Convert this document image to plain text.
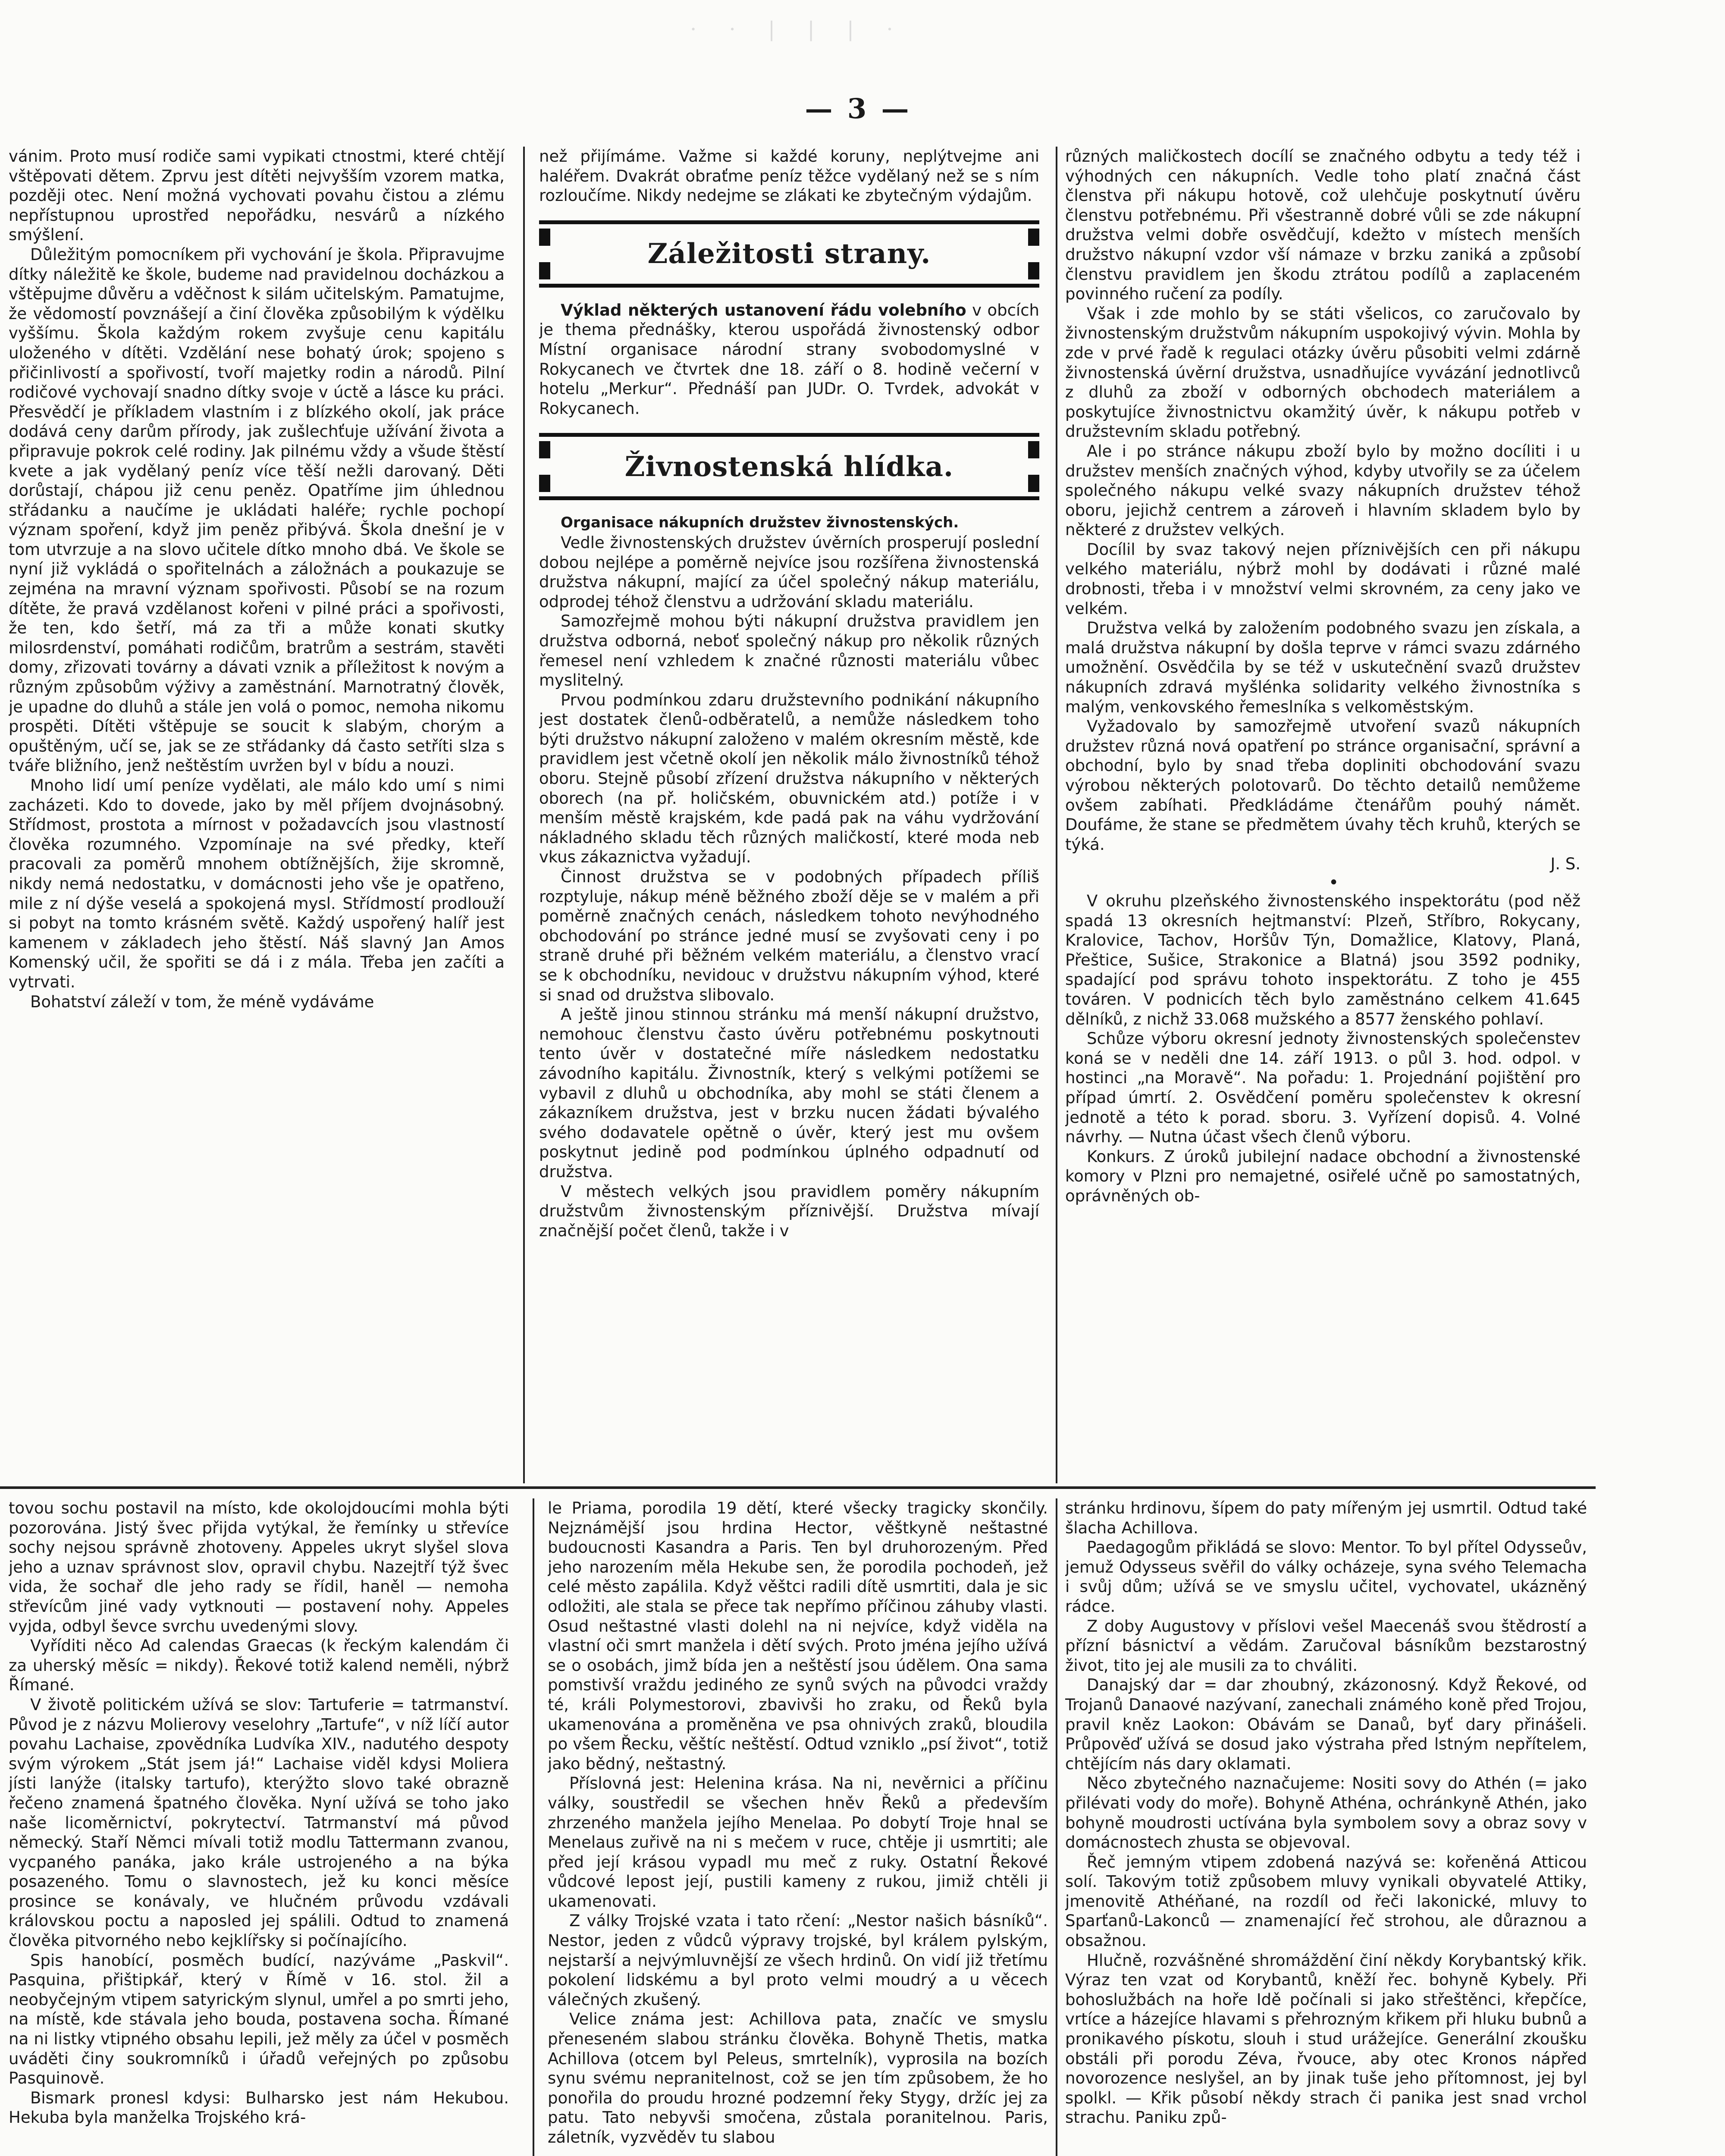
· · | | | ·
— 3 —

vánim. Proto musí rodiče sami vypikati ctnostmi, které chtějí vštěpovati dětem. Zprvu jest dítěti nejvyšším vzorem matka, později otec. Není možná vychovati povahu čistou a zlému nepřístupnou uprostřed nepořádku, nesvárů a nízkého smýšlení.

Důležitým pomocníkem při vychování je škola. Připravujme dítky náležitě ke škole, budeme nad pravidelnou docházkou a vštěpujme důvěru a vděčnost k silám učitelským. Pamatujme, že vědomostí povznášejí a činí člověka způsobilým k výdělku vyššímu. Škola každým rokem zvyšuje cenu kapitálu uloženého v dítěti. Vzdělání nese bohatý úrok; spojeno s přičinlivostí a spořivostí, tvoří majetky rodin a národů. Pilní rodičové vychovají snadno dítky svoje v úctě a lásce ku práci. Přesvědčí je příkladem vlastním i z blízkého okolí, jak práce dodává ceny darům přírody, jak zušlechťuje užívání života a připravuje pokrok celé rodiny. Jak pilnému vždy a všude štěstí kvete a jak vydělaný peníz více těší nežli darovaný. Děti dorůstají, chápou již cenu peněz. Opatříme jim úhlednou střádanku a naučíme je ukládati haléře; rychle pochopí význam spoření, když jim peněz přibývá. Škola dnešní je v tom utvrzuje a na slovo učitele dítko mnoho dbá. Ve škole se nyní již vykládá o spořitelnách a záložnách a poukazuje se zejména na mravní význam spořivosti. Působí se na rozum dítěte, že pravá vzdělanost kořeni v pilné práci a spořivosti, že ten, kdo šetří, má za tři a může konati skutky milosrdenství, pomáhati rodičům, bratrům a sestrám, stavěti domy, zřizovati továrny a dávati vznik a příležitost k novým a různým způsobům výživy a zaměstnání. Marnotratný člověk, je upadne do dluhů a stále jen volá o pomoc, nemoha nikomu prospěti. Dítěti vštěpuje se soucit k slabým, chorým a opuštěným, učí se, jak se ze střádanky dá často setříti slza s tváře bližního, jenž neštěstím uvržen byl v bídu a nouzi.

Mnoho lidí umí peníze vydělati, ale málo kdo umí s nimi zacházeti. Kdo to dovede, jako by měl příjem dvojnásobný. Střídmost, prostota a mírnost v požadavcích jsou vlastností člověka rozumného. Vzpomínaje na své předky, kteří pracovali za poměrů mnohem obtížnějších, žije skromně, nikdy nemá nedostatku, v domácnosti jeho vše je opatřeno, mile z ní dýše veselá a spokojená mysl. Střídmostí prodlouží si pobyt na tomto krásném světě. Každý uspořený halíř jest kamenem v základech jeho štěstí. Náš slavný Jan Amos Komenský učil, že spořiti se dá i z mála. Třeba jen začíti a vytrvati.

Bohatství záleží v tom, že méně vydáváme

než přijímáme. Važme si každé koruny, neplýtvejme ani haléřem. Dvakrát obraťme peníz těžce vydělaný než se s ním rozloučíme. Nikdy nedejme se zlákati ke zbytečným výdajům.

Záležitosti strany.

Výklad některých ustanovení řádu volebního v obcích je thema přednášky, kterou uspořádá živnostenský odbor Místní organisace národní strany svobodomyslné v Rokycanech ve čtvrtek dne 18. září o 8. hodině večerní v hotelu „Merkur“. Přednáší pan JUDr. O. Tvrdek, advokát v Rokycanech.

Živnostenská hlídka.

Organisace nákupních družstev živnostenských.

Vedle živnostenských družstev úvěrních prosperují poslední dobou nejlépe a poměrně nejvíce jsou rozšířena živnostenská družstva nákupní, mající za účel společný nákup materiálu, odprodej téhož členstvu a udržování skladu materiálu.

Samozřejmě mohou býti nákupní družstva pravidlem jen družstva odborná, neboť společný nákup pro několik různých řemesel není vzhledem k značné různosti materiálu vůbec myslitelný.

Prvou podmínkou zdaru družstevního podnikání nákupního jest dostatek členů-odběratelů, a nemůže následkem toho býti družstvo nákupní založeno v malém okresním městě, kde pravidlem jest včetně okolí jen několik málo živnostníků téhož oboru. Stejně působí zřízení družstva nákupního v některých oborech (na př. holičském, obuvnickém atd.) potíže i v menším městě krajském, kde padá pak na váhu vydržování nákladného skladu těch různých maličkostí, které moda neb vkus zákaznictva vyžadují.

Činnost družstva se v podobných případech příliš rozptyluje, nákup méně běžného zboží děje se v malém a při poměrně značných cenách, následkem tohoto nevýhodného obchodování po stránce jedné musí se zvyšovati ceny i po straně druhé při běžném velkém materiálu, a členstvo vrací se k obchodníku, nevidouc v družstvu nákupním výhod, které si snad od družstva slibovalo.

A ještě jinou stinnou stránku má menší nákupní družstvo, nemohouc členstvu často úvěru potřebnému poskytnouti tento úvěr v dostatečné míře následkem nedostatku závodního kapitálu. Živnostník, který s velkými potížemi se vybavil z dluhů u obchodníka, aby mohl se státi členem a zákazníkem družstva, jest v brzku nucen žádati bývalého svého dodavatele opětně o úvěr, který jest mu ovšem poskytnut jedině pod podmínkou úplného odpadnutí od družstva.

V městech velkých jsou pravidlem poměry nákupním družstvům živnostenským příznivější. Družstva mívají značnější počet členů, takže i v

různých maličkostech docílí se značného odbytu a tedy též i výhodných cen nákupních. Vedle toho platí značná část členstva při nákupu hotově, což ulehčuje poskytnutí úvěru členstvu potřebnému. Při všestranně dobré vůli se zde nákupní družstva velmi dobře osvědčují, kdežto v místech menších družstvo nákupní vzdor vší námaze v brzku zaniká a způsobí členstvu pravidlem jen škodu ztrátou podílů a zaplaceném povinného ručení za podíly.

Však i zde mohlo by se státi všelicos, co zaručovalo by živnostenským družstvům nákupním uspokojivý vývin. Mohla by zde v prvé řadě k regulaci otázky úvěru působiti velmi zdárně živnostenská úvěrní družstva, usnadňujíce vyvázání jednotlivců z dluhů za zboží v odborných obchodech materiálem a poskytujíce živnostnictvu okamžitý úvěr, k nákupu potřeb v družstevním skladu potřebný.

Ale i po stránce nákupu zboží bylo by možno docíliti i u družstev menších značných výhod, kdyby utvořily se za účelem společného nákupu velké svazy nákupních družstev téhož oboru, jejichž centrem a zároveň i hlavním skladem bylo by některé z družstev velkých.

Docílil by svaz takový nejen příznivějších cen při nákupu velkého materiálu, nýbrž mohl by dodávati i různé malé drobnosti, třeba i v množství velmi skrovném, za ceny jako ve velkém.

Družstva velká by založením podobného svazu jen získala, a malá družstva nákupní by došla teprve v rámci svazu zdárného umožnění. Osvědčila by se též v uskutečnění svazů družstev nákupních zdravá myšlénka solidarity velkého živnostníka s malým, venkovského řemeslníka s velkoměstským.

Vyžadovalo by samozřejmě utvoření svazů nákupních družstev různá nová opatření po stránce organisační, správní a obchodní, bylo by snad třeba dopliniti obchodování svazu výrobou některých polotovarů. Do těchto detailů nemůžeme ovšem zabíhati. Předkládáme čtenářům pouhý námět. Doufáme, že stane se předmětem úvahy těch kruhů, kterých se týká.

J. S.

•

V okruhu plzeňského živnostenského inspektorátu (pod něž spadá 13 okresních hejtmanství: Plzeň, Stříbro, Rokycany, Kralovice, Tachov, Horšův Týn, Domažlice, Klatovy, Planá, Přeštice, Sušice, Strakonice a Blatná) jsou 3592 podniky, spadající pod správu tohoto inspektorátu. Z toho je 455 továren. V podnicích těch bylo zaměstnáno celkem 41.645 dělníků, z nichž 33.068 mužského a 8577 ženského pohlaví.

Schůze výboru okresní jednoty živnostenských společenstev koná se v neděli dne 14. září 1913. o půl 3. hod. odpol. v hostinci „na Moravě“. Na pořadu: 1. Projednání pojištění pro případ úmrtí. 2. Osvědčení poměru společenstev k okresní jednotě a této k porad. sboru. 3. Vyřízení dopisů. 4. Volné návrhy. — Nutna účast všech členů výboru.

Konkurs. Z úroků jubilejní nadace obchodní a živnostenské komory v Plzni pro nemajetné, osiřelé učně po samostatných, oprávněných ob-

tovou sochu postavil na místo, kde okolojdoucími mohla býti pozorována. Jistý švec přijda vytýkal, že řemínky u střevíce sochy nejsou správně zhotoveny. Appeles ukryt slyšel slova jeho a uznav správnost slov, opravil chybu. Nazejtří týž švec vida, že sochař dle jeho rady se řídil, haněl — nemoha střevícům jiné vady vytknouti — postavení nohy. Appeles vyjda, odbyl ševce svrchu uvedenými slovy.

Vyříditi něco Ad calendas Graecas (k řeckým kalendám či za uherský měsíc = nikdy). Řekové totiž kalend neměli, nýbrž Římané.

V životě politickém užívá se slov: Tartuferie = tatrmanství. Původ je z názvu Molierovy veselohry „Tartufe“, v níž líčí autor povahu Lachaise, zpovědníka Ludvíka XIV., nadutého despoty svým výrokem „Stát jsem já!“ Lachaise viděl kdysi Moliera jísti lanýže (italsky tartufo), kterýžto slovo také obrazně řečeno znamená špatného člověka. Nyní užívá se toho jako naše licoměrnictví, pokrytectví. Tatrmanství má původ německý. Staří Němci mívali totiž modlu Tattermann zvanou, vycpaného panáka, jako krále ustrojeného a na býka posazeného. Tomu o slavnostech, jež ku konci měsíce prosince se konávaly, ve hlučném průvodu vzdávali královskou poctu a naposled jej spálili. Odtud to znamená člověka pitvorného nebo kejklířsky si počínajícího.

Spis hanobící, posměch budící, nazýváme „Paskvil“. Pasquina, přištipkář, který v Římě v 16. stol. žil a neobyčejným vtipem satyrickým slynul, umřel a po smrti jeho, na místě, kde stávala jeho bouda, postavena socha. Římané na ni listky vtipného obsahu lepili, jež měly za účel v posměch uváděti činy soukromníků i úřadů veřejných po způsobu Pasquinově.

Bismark pronesl kdysi: Bulharsko jest nám Hekubou. Hekuba byla manželka Trojského krá-

le Priama, porodila 19 dětí, které všecky tragicky skončily. Nejznámější jsou hrdina Hector, věštkyně neštastné budoucnosti Kasandra a Paris. Ten byl druhorozeným. Před jeho narozením měla Hekube sen, že porodila pochodeň, jež celé město zapálila. Když věštci radili dítě usmrtiti, dala je sic odložiti, ale stala se přece tak nepřímo příčinou záhuby vlasti. Osud neštastné vlasti dolehl na ni nejvíce, když viděla na vlastní oči smrt manžela i dětí svých. Proto jména jejího užívá se o osobách, jimž bída jen a neštěstí jsou údělem. Ona sama pomstivší vraždu jediného ze synů svých na původci vraždy té, králi Polymestorovi, zbavivši ho zraku, od Řeků byla ukamenována a proměněna ve psa ohnivých zraků, bloudila po všem Řecku, věštíc neštěstí. Odtud vzniklo „psí život“, totiž jako bědný, neštastný.

Příslovná jest: Helenina krása. Na ni, nevěrnici a příčinu války, soustředil se všechen hněv Řeků a především zhrzeného manžela jejího Menelaa. Po dobytí Troje hnal se Menelaus zuřivě na ni s mečem v ruce, chtěje ji usmrtiti; ale před její krásou vypadl mu meč z ruky. Ostatní Řekové vůdcové lepost její, pustili kameny z rukou, jimiž chtěli ji ukamenovati.

Z války Trojské vzata i tato rčení: „Nestor našich básníků“. Nestor, jeden z vůdců výpravy trojské, byl králem pylským, nejstarší a nejvýmluvnější ze všech hrdinů. On vidí již třetímu pokolení lidskému a byl proto velmi moudrý a u věcech válečných zkušený.

Velice známa jest: Achillova pata, značíc ve smyslu přeneseném slabou stránku člověka. Bohyně Thetis, matka Achillova (otcem byl Peleus, smrtelník), vyprosila na bozích synu svému nepranitelnost, což se jen tím způsobem, že ho ponořila do proudu hrozné podzemní řeky Stygy, držíc jej za patu. Tato nebyvši smočena, zůstala poranitelnou. Paris, záletník, vyzvěděv tu slabou

stránku hrdinovu, šípem do paty mířeným jej usmrtil. Odtud také šlacha Achillova.

Paedagogům přikládá se slovo: Mentor. To byl přítel Odysseův, jemuž Odysseus svěřil do války ocházeje, syna svého Telemacha i svůj dům; užívá se ve smyslu učitel, vychovatel, ukázněný rádce.

Z doby Augustovy v příslovi vešel Maecenáš svou štědrostí a přízní básnictví a vědám. Zaručoval básníkům bezstarostný život, tito jej ale musili za to chváliti.

Danajský dar = dar zhoubný, zkázonosný. Když Řekové, od Trojanů Danaové nazývaní, zanechali známého koně před Trojou, pravil kněz Laokon: Obávám se Danaů, byť dary přinášeli. Průpověď užívá se dosud jako výstraha před lstným nepřítelem, chtějícím nás dary oklamati.

Něco zbytečného naznačujeme: Nositi sovy do Athén (= jako přilévati vody do moře). Bohyně Athéna, ochránkyně Athén, jako bohyně moudrosti uctívána byla symbolem sovy a obraz sovy v domácnostech zhusta se objevoval.

Řeč jemným vtipem zdobená nazývá se: kořeněná Atticou solí. Takovým totiž způsobem mluvy vynikali obyvatelé Attiky, jmenovitě Athéňané, na rozdíl od řeči lakonické, mluvy to Sparťanů-Lakonců — znamenající řeč strohou, ale důraznou a obsažnou.

Hlučně, rozvášněné shromáždění činí někdy Korybantský křik. Výraz ten vzat od Korybantů, kněží řec. bohyně Kybely. Při bohoslužbách na hoře Idě počínali si jako střeštěnci, křepčíce, vrtíce a házejíce hlavami s přehrozným křikem při hluku bubnů a pronikavého pískotu, slouh i stud urážejíce. Generální zkoušku obstáli při porodu Zéva, řvouce, aby otec Kronos nápřed novorozence neslyšel, an by jinak tuše jeho přítomnost, jej byl spolkl. — Křik působí někdy strach či panika jest snad vrchol strachu. Paniku způ-
